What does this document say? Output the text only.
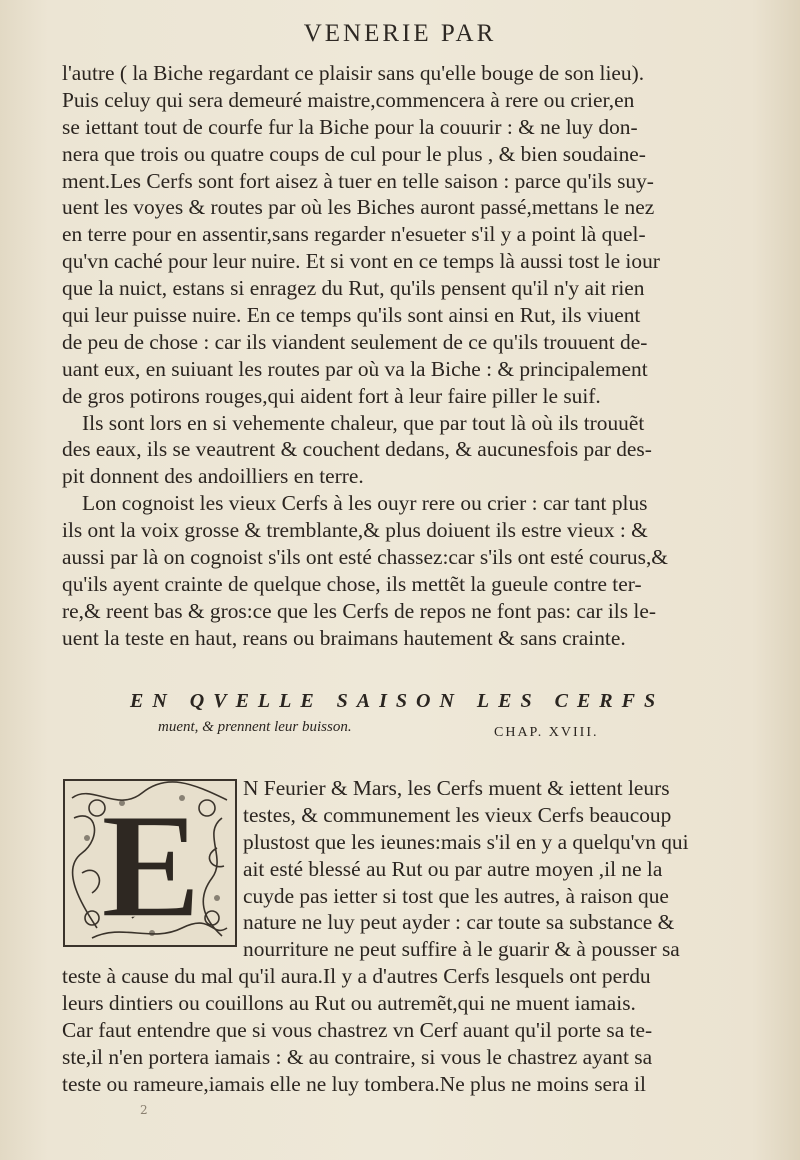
VENERIE PAR
l'autre ( la Biche regardant ce plaisir sans qu'elle bouge de son lieu).
Puis celuy qui sera demeuré maistre,commencera à rere ou crier,en
se iettant tout de courfe fur la Biche pour la couurir : & ne luy don-
nera que trois ou quatre coups de cul pour le plus , & bien soudaine-
ment.Les Cerfs sont fort aisez à tuer en telle saison : parce qu'ils suy-
uent les voyes & routes par où les Biches auront passé,mettans le nez
en terre pour en assentir,sans regarder n'esueter s'il y a point là quel-
qu'vn caché pour leur nuire. Et si vont en ce temps là aussi tost le iour
que la nuict, estans si enragez du Rut, qu'ils pensent qu'il n'y ait rien
qui leur puisse nuire. En ce temps qu'ils sont ainsi en Rut, ils viuent
de peu de chose : car ils viandent seulement de ce qu'ils trouuent de-
uant eux, en suiuant les routes par où va la Biche : & principalement
de gros potirons rouges,qui aident fort à leur faire piller le suif.
Ils sont lors en si vehemente chaleur, que par tout là où ils trouuẽt
des eaux, ils se veautrent & couchent dedans, & aucunesfois par des-
pit donnent des andoilliers en terre.
Lon cognoist les vieux Cerfs à les ouyr rere ou crier : car tant plus
ils ont la voix grosse & tremblante,& plus doiuent ils estre vieux : &
aussi par là on cognoist s'ils ont esté chassez:car s'ils ont esté courus,&
qu'ils ayent crainte de quelque chose, ils mettẽt la gueule contre ter-
re,& reent bas & gros:ce que les Cerfs de repos ne font pas: car ils le-
uent la teste en haut, reans ou braimans hautement & sans crainte.
EN QVELLE SAISON LES CERFS
muent, & prennent leur buisson.	CHAP. XVIII.
E	N Feurier & Mars, les Cerfs muent & iettent leurs
testes, & communement les vieux Cerfs beaucoup
plustost que les ieunes:mais s'il en y a quelqu'vn qui
ait esté blessé au Rut ou par autre moyen ,il ne la
cuyde pas ietter si tost que les autres, à raison que
nature ne luy peut ayder : car toute sa substance &
nourriture ne peut suffire à le guarir & à pousser sa
teste à cause du mal qu'il aura.Il y a d'autres Cerfs lesquels ont perdu
leurs dintiers ou couillons au Rut ou autremẽt,qui ne muent iamais.
Car faut entendre que si vous chastrez vn Cerf auant qu'il porte sa te-
ste,il n'en portera iamais : & au contraire, si vous le chastrez ayant sa
teste ou rameure,iamais elle ne luy tombera.Ne plus ne moins sera il
2
